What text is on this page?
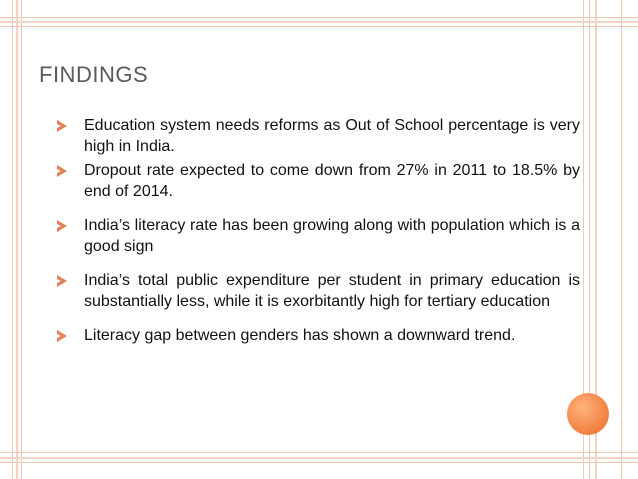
FINDINGS
Education system needs reforms as Out of School percentage is very high in India.
Dropout rate expected to come down from 27% in 2011 to 18.5% by end of 2014.
India’s literacy rate has been growing along with population which is a good sign
India’s total public expenditure per student in primary education is substantially less, while it is exorbitantly high for tertiary education
Literacy gap between genders has shown a downward trend.
